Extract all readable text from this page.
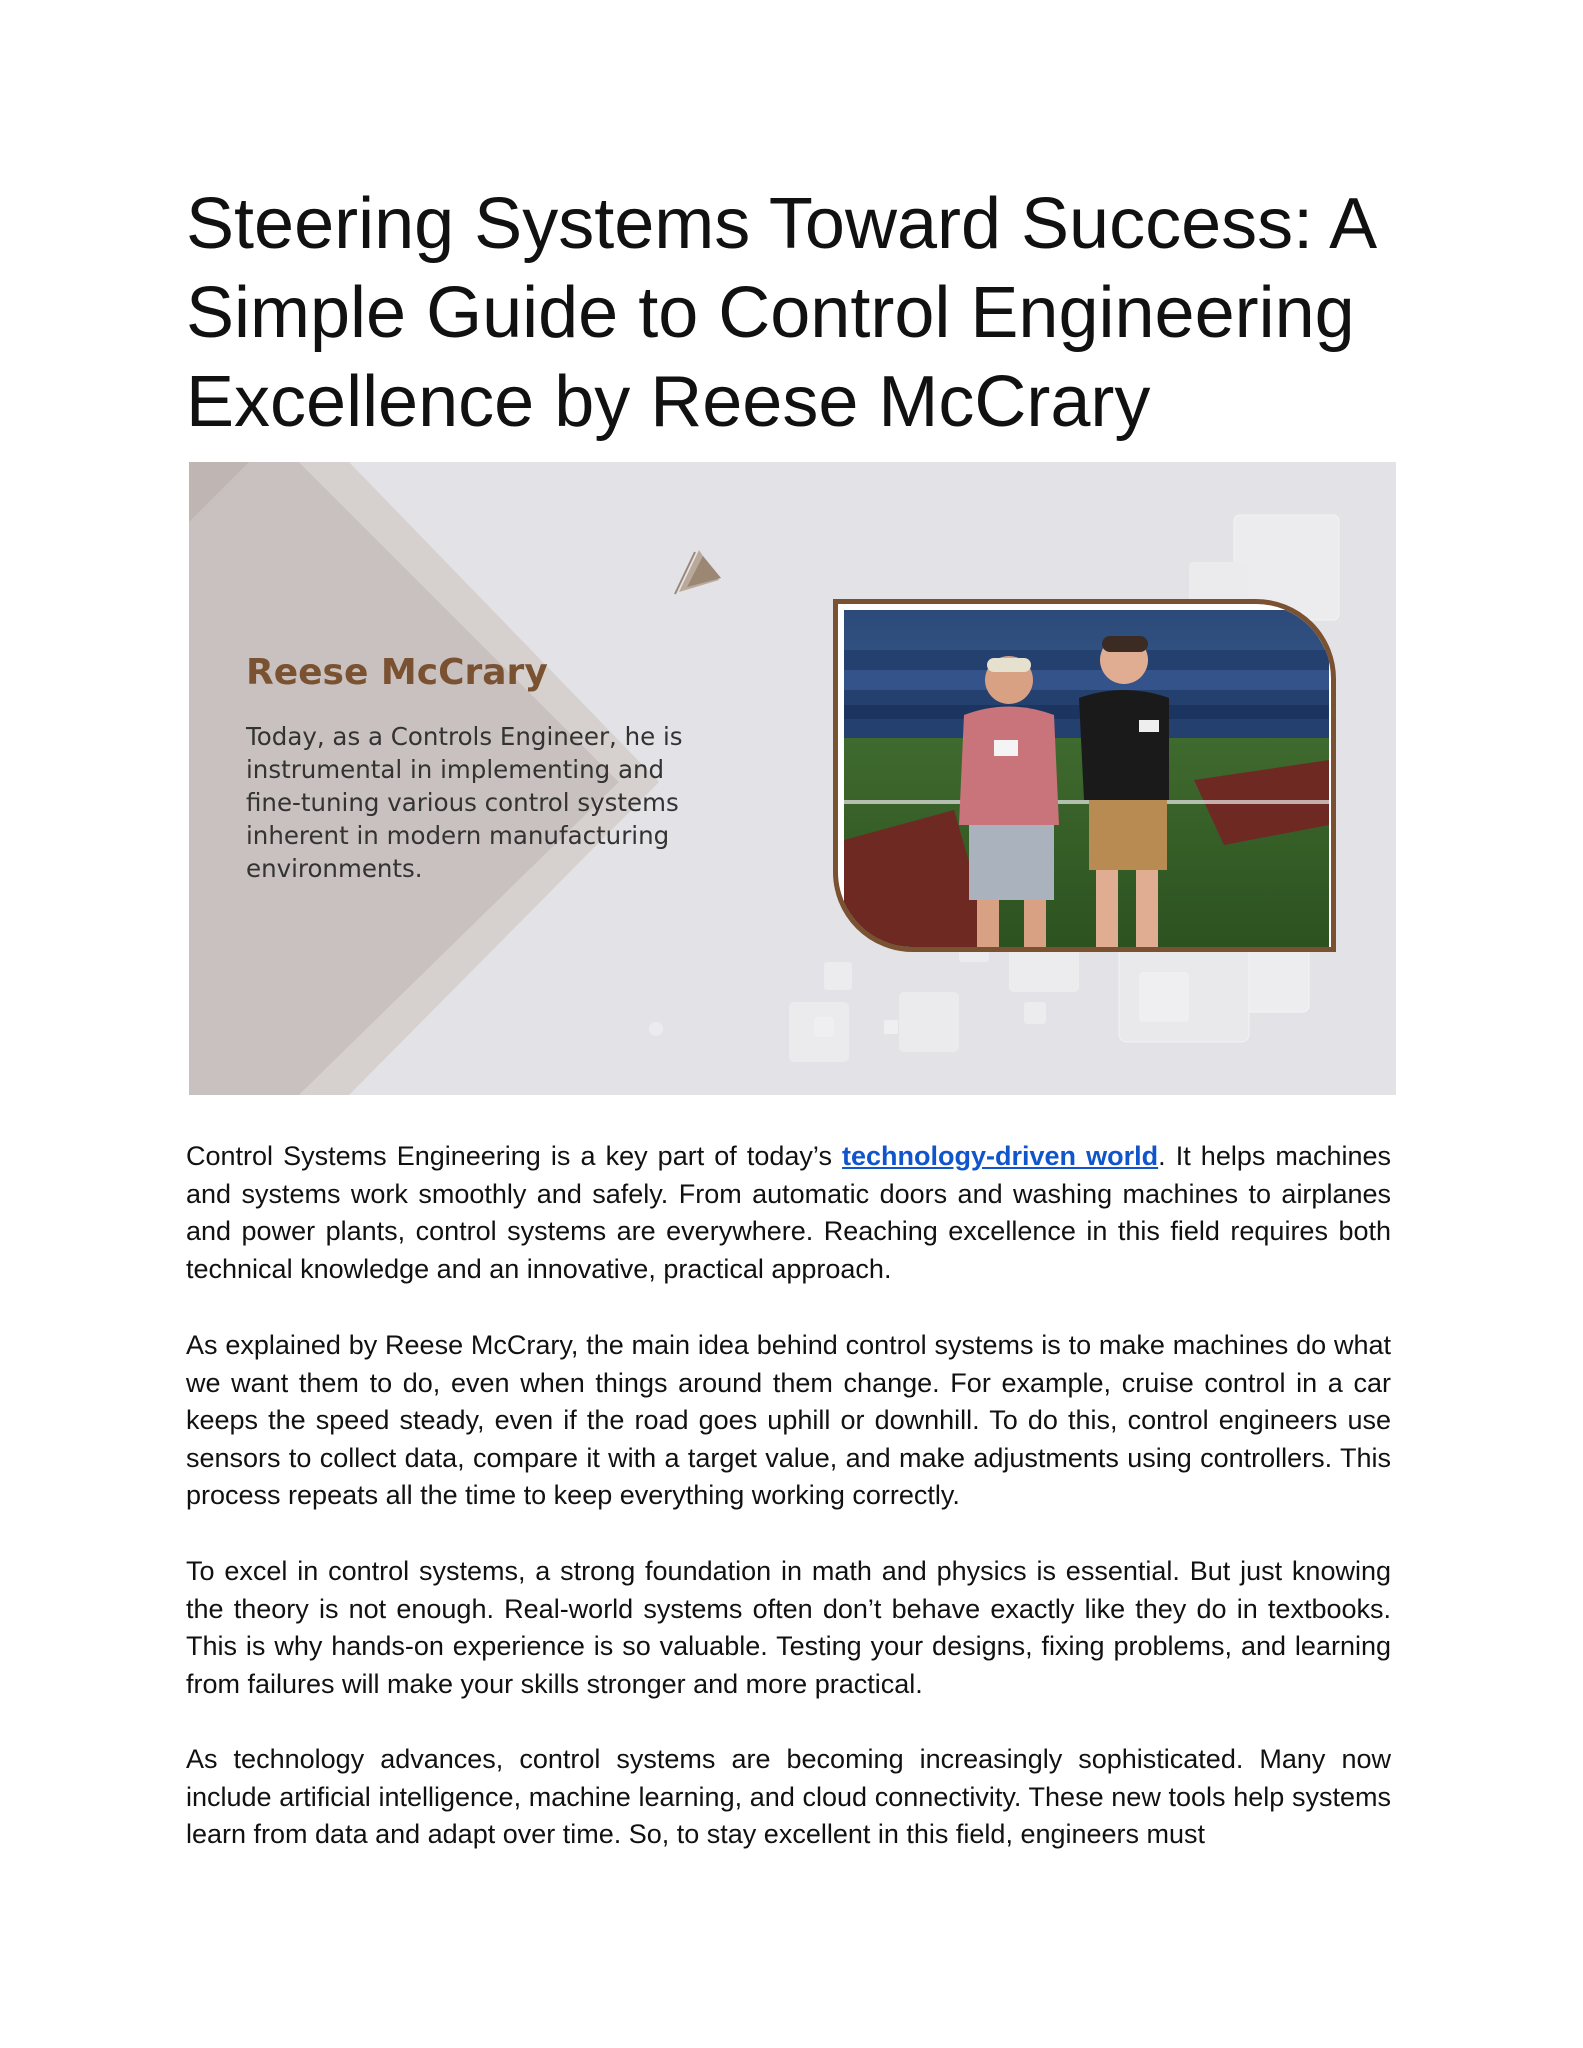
Steering Systems Toward Success: A Simple Guide to Control Engineering Excellence by Reese McCrary
Reese McCrary

Today, as a Controls Engineer, he is
instrumental in implementing and
fine-tuning various control systems
inherent in modern manufacturing
environments.

Control Systems Engineering is a key part of today’s technology-driven world. It helps machines and systems work smoothly and safely. From automatic doors and washing machines to airplanes and power plants, control systems are everywhere. Reaching excellence in this field requires both technical knowledge and an innovative, practical approach.

As explained by Reese McCrary, the main idea behind control systems is to make machines do what we want them to do, even when things around them change. For example, cruise control in a car keeps the speed steady, even if the road goes uphill or downhill. To do this, control engineers use sensors to collect data, compare it with a target value, and make adjustments using controllers. This process repeats all the time to keep everything working correctly.

To excel in control systems, a strong foundation in math and physics is essential. But just knowing the theory is not enough. Real-world systems often don’t behave exactly like they do in textbooks. This is why hands-on experience is so valuable. Testing your designs, fixing problems, and learning from failures will make your skills stronger and more practical.

As technology advances, control systems are becoming increasingly sophisticated. Many now include artificial intelligence, machine learning, and cloud connectivity. These new tools help systems learn from data and adapt over time. So, to stay excellent in this field, engineers must
